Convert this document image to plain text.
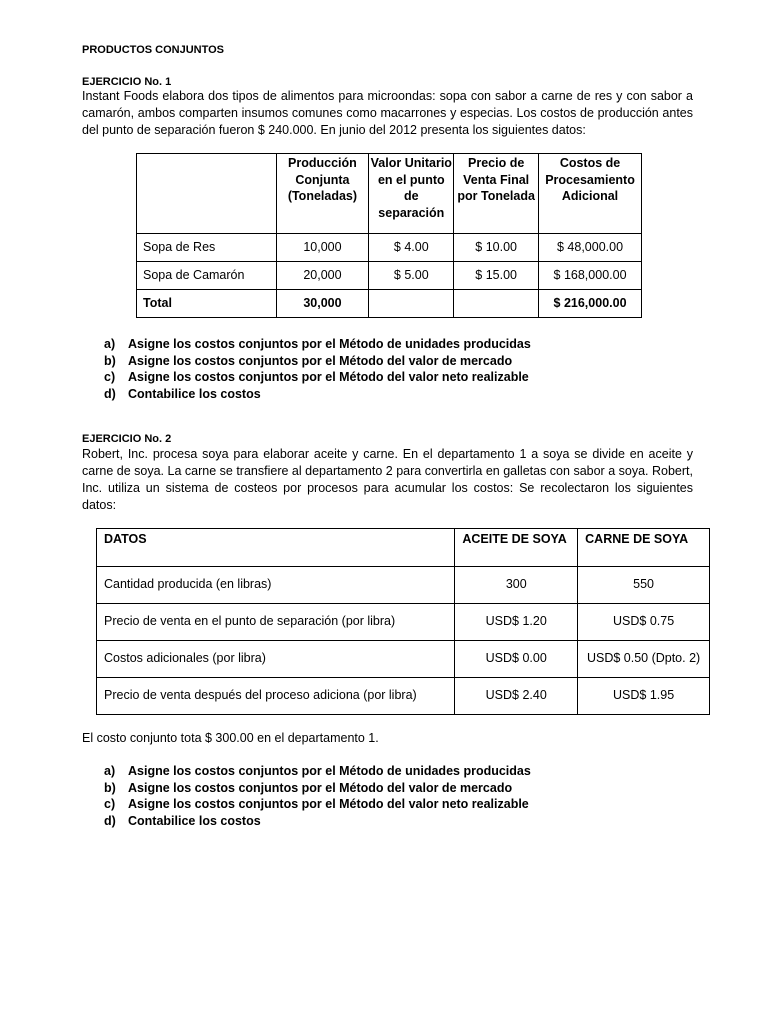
PRODUCTOS CONJUNTOS
EJERCICIO No. 1
Instant Foods elabora dos tipos de alimentos para microondas: sopa con sabor a carne de res y con sabor a camarón, ambos comparten insumos comunes como macarrones y especias. Los costos de producción antes del punto de separación fueron $ 240.000. En junio del 2012 presenta los siguientes datos:
	Producción Conjunta (Toneladas)	Valor Unitario en el punto de separación	Precio de Venta Final por Tonelada	Costos de Procesamiento Adicional
Sopa de Res	10,000	$ 4.00	$ 10.00	$ 48,000.00
Sopa de Camarón	20,000	$ 5.00	$ 15.00	$ 168,000.00
Total	30,000			$ 216,000.00
a) Asigne los costos conjuntos por el Método de unidades producidas
b) Asigne los costos conjuntos por el Método del valor de mercado
c) Asigne los costos conjuntos por el Método del valor neto realizable
d) Contabilice los costos
EJERCICIO No. 2
Robert, Inc. procesa soya para elaborar aceite y carne. En el departamento 1 a soya se divide en aceite y carne de soya. La carne se transfiere al departamento 2 para convertirla en galletas con sabor a soya. Robert, Inc. utiliza un sistema de costeos por procesos para acumular los costos: Se recolectaron los siguientes datos:
DATOS	ACEITE DE SOYA	CARNE DE SOYA
Cantidad producida (en libras)	300	550
Precio de venta en el punto de separación (por libra)	USD$ 1.20	USD$ 0.75
Costos adicionales (por libra)	USD$ 0.00	USD$ 0.50 (Dpto. 2)
Precio de venta después del proceso adiciona (por libra)	USD$ 2.40	USD$ 1.95
El costo conjunto tota $ 300.00 en el departamento 1.
a) Asigne los costos conjuntos por el Método de unidades producidas
b) Asigne los costos conjuntos por el Método del valor de mercado
c) Asigne los costos conjuntos por el Método del valor neto realizable
d) Contabilice los costos
